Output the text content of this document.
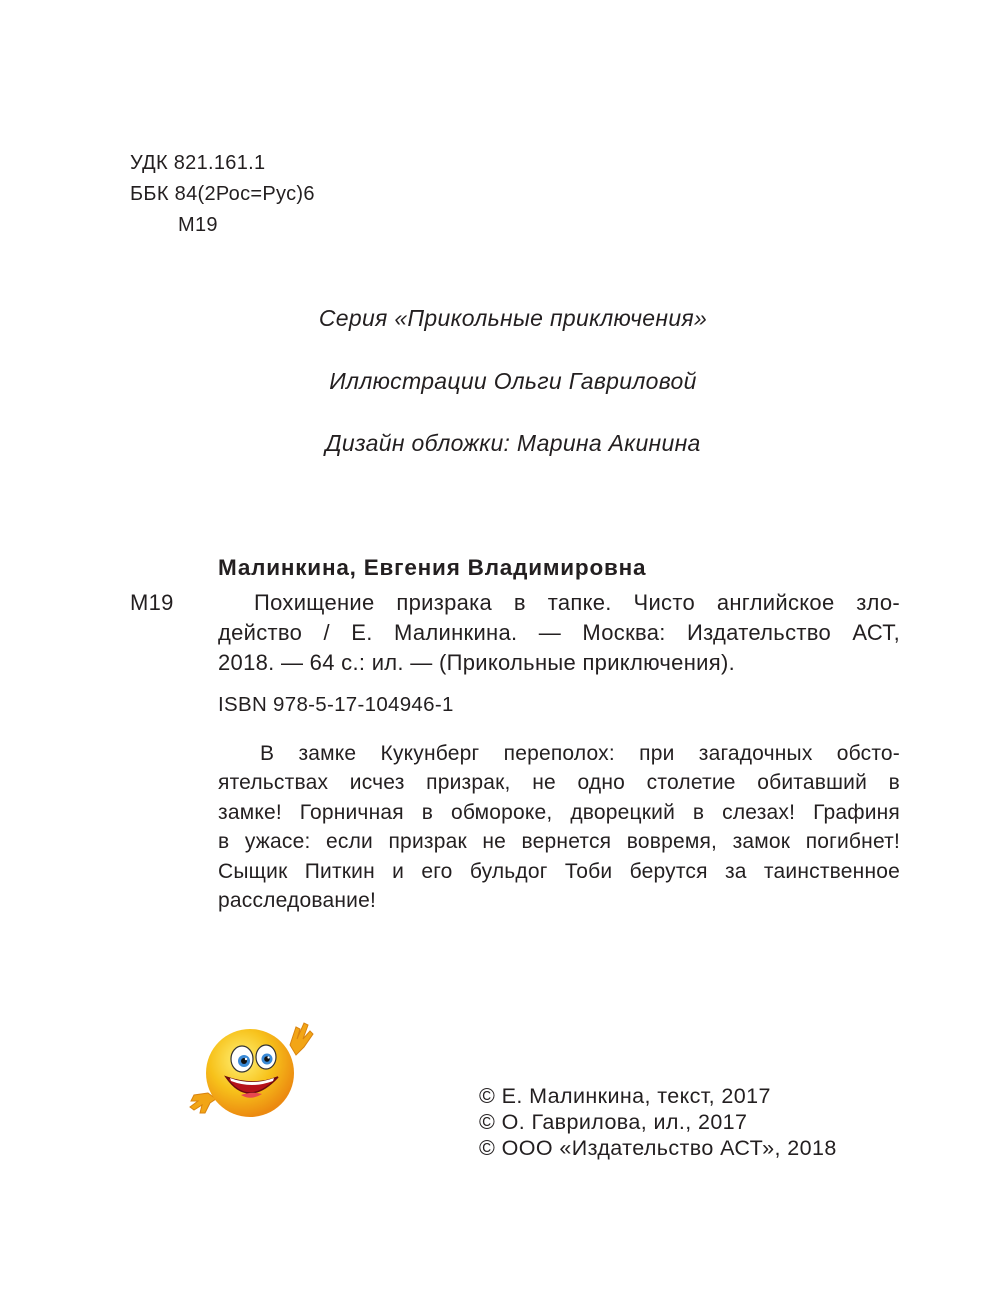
УДК 821.161.1
ББК 84(2Рос=Рус)6
М19

Серия «Прикольные приключения»

Иллюстрации Ольги Гавриловой

Дизайн обложки: Марина Акинина

Малинкина, Евгения Владимировна
М19	Похищение призрака в тапке. Чисто английское зло-

действо / Е. Малинкина. — Москва: Издательство АСТ,

2018. — 64 с.: ил. — (Прикольные приключения).

ISBN 978-5-17-104946-1

В замке Кукунберг переполох: при загадочных обсто-

ятельствах исчез призрак, не одно столетие обитавший в

замке! Горничная в обмороке, дворецкий в слезах! Графиня

в ужасе: если призрак не вернется вовремя, замок погибнет!

Сыщик Питкин и его бульдог Тоби берутся за таинственное

расследование!

© Е. Малинкина, текст, 2017
© О. Гаврилова, ил., 2017
© ООО «Издательство АСТ», 2018
